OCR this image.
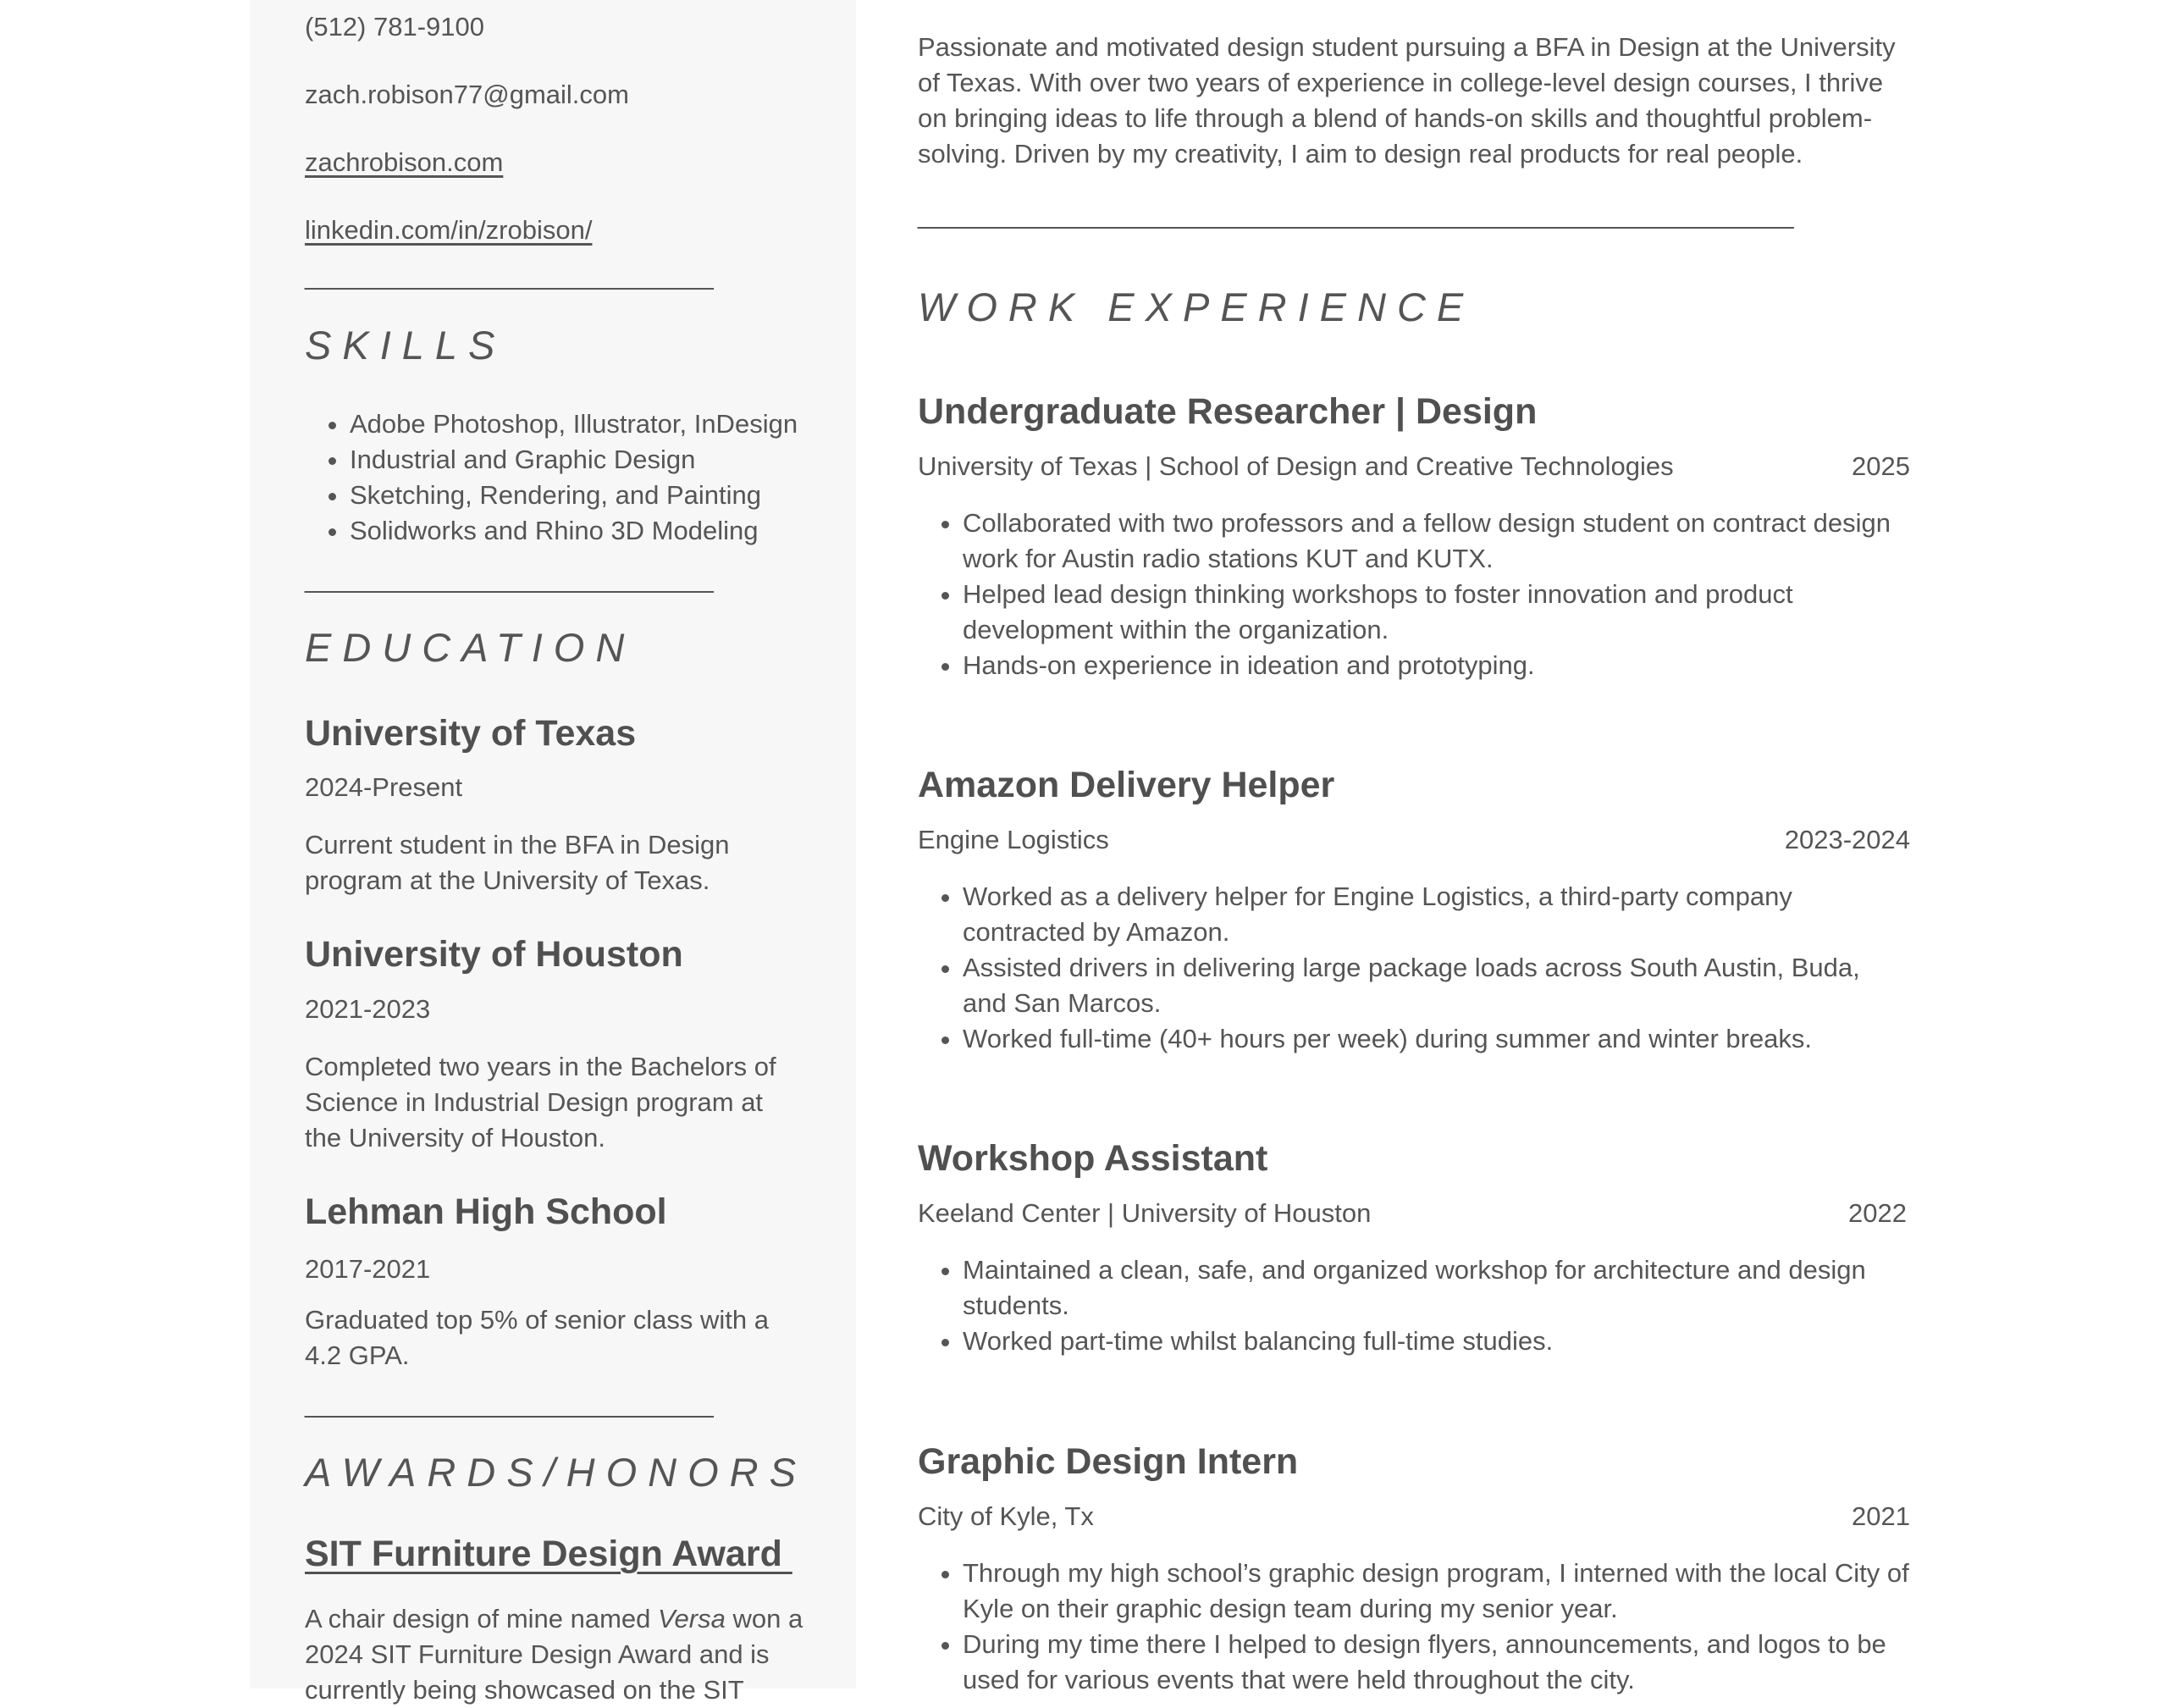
(512) 781-9100
zach.robison77@gmail.com
zachrobison.com
linkedin.com/in/zrobison/
____________________________
SKILLS
• Adobe Photoshop, Illustrator, InDesign
• Industrial and Graphic Design
• Sketching, Rendering, and Painting
• Solidworks and Rhino 3D Modeling
____________________________
EDUCATION
University of Texas
2024-Present
Current student in the BFA in Design program at the University of Texas.
University of Houston
2021-2023
Completed two years in the Bachelors of Science in Industrial Design program at the University of Houston.
Lehman High School
2017-2021
Graduated top 5% of senior class with a 4.2 GPA.
____________________________
AWARDS/HONORS
SIT Furniture Design Award
A chair design of mine named Versa won a 2024 SIT Furniture Design Award and is currently being showcased on the SIT
Passionate and motivated design student pursuing a BFA in Design at the University of Texas. With over two years of experience in college-level design courses, I thrive on bringing ideas to life through a blend of hands-on skills and thoughtful problem-solving. Driven by my creativity, I aim to design real products for real people.
____________________________________________________________
WORK EXPERIENCE
Undergraduate Researcher | Design
University of Texas | School of Design and Creative Technologies	2025
• Collaborated with two professors and a fellow design student on contract design work for Austin radio stations KUT and KUTX.
• Helped lead design thinking workshops to foster innovation and product development within the organization.
• Hands-on experience in ideation and prototyping.
Amazon Delivery Helper
Engine Logistics	2023-2024
• Worked as a delivery helper for Engine Logistics, a third-party company contracted by Amazon.
• Assisted drivers in delivering large package loads across South Austin, Buda, and San Marcos.
• Worked full-time (40+ hours per week) during summer and winter breaks.
Workshop Assistant
Keeland Center | University of Houston	2022
• Maintained a clean, safe, and organized workshop for architecture and design students.
• Worked part-time whilst balancing full-time studies.
Graphic Design Intern
City of Kyle, Tx	2021
• Through my high school’s graphic design program, I interned with the local City of Kyle on their graphic design team during my senior year.
• During my time there I helped to design flyers, announcements, and logos to be used for various events that were held throughout the city.
